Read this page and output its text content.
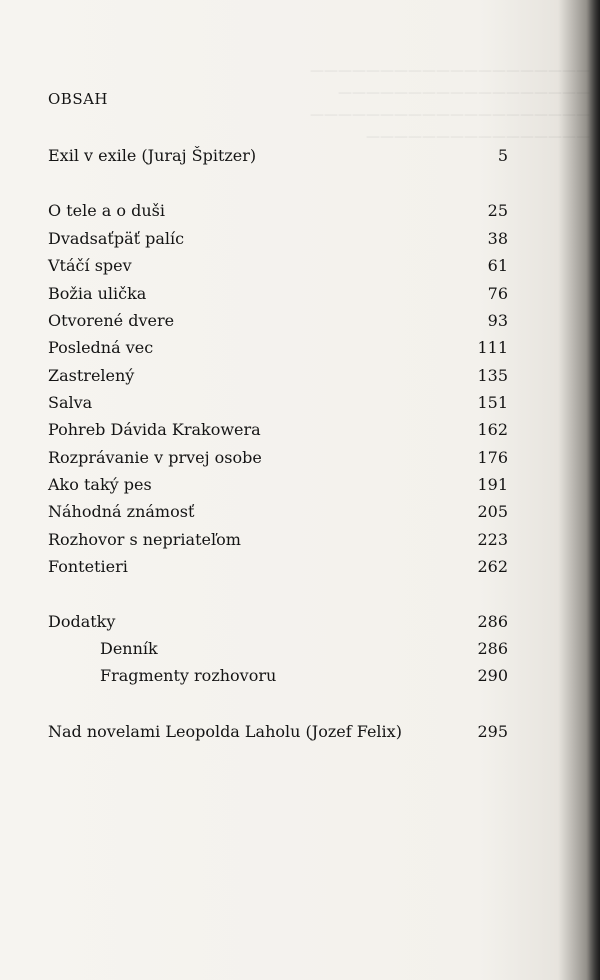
————————————————————
——————————————————
————————————————————
————————————————
OBSAH
Exil v exile (Juraj Špitzer)	5
O tele a o duši	25
Dvadsaťpäť palíc	38
Vtáčí spev	61
Božia ulička	76
Otvorené dvere	93
Posledná vec	111
Zastrelený	135
Salva	151
Pohreb Dávida Krakowera	162
Rozprávanie v prvej osobe	176
Ako taký pes	191
Náhodná známosť	205
Rozhovor s nepriateľom	223
Fontetieri	262
Dodatky	286
Denník	286
Fragmenty rozhovoru	290
Nad novelami Leopolda Laholu (Jozef Felix)	295
